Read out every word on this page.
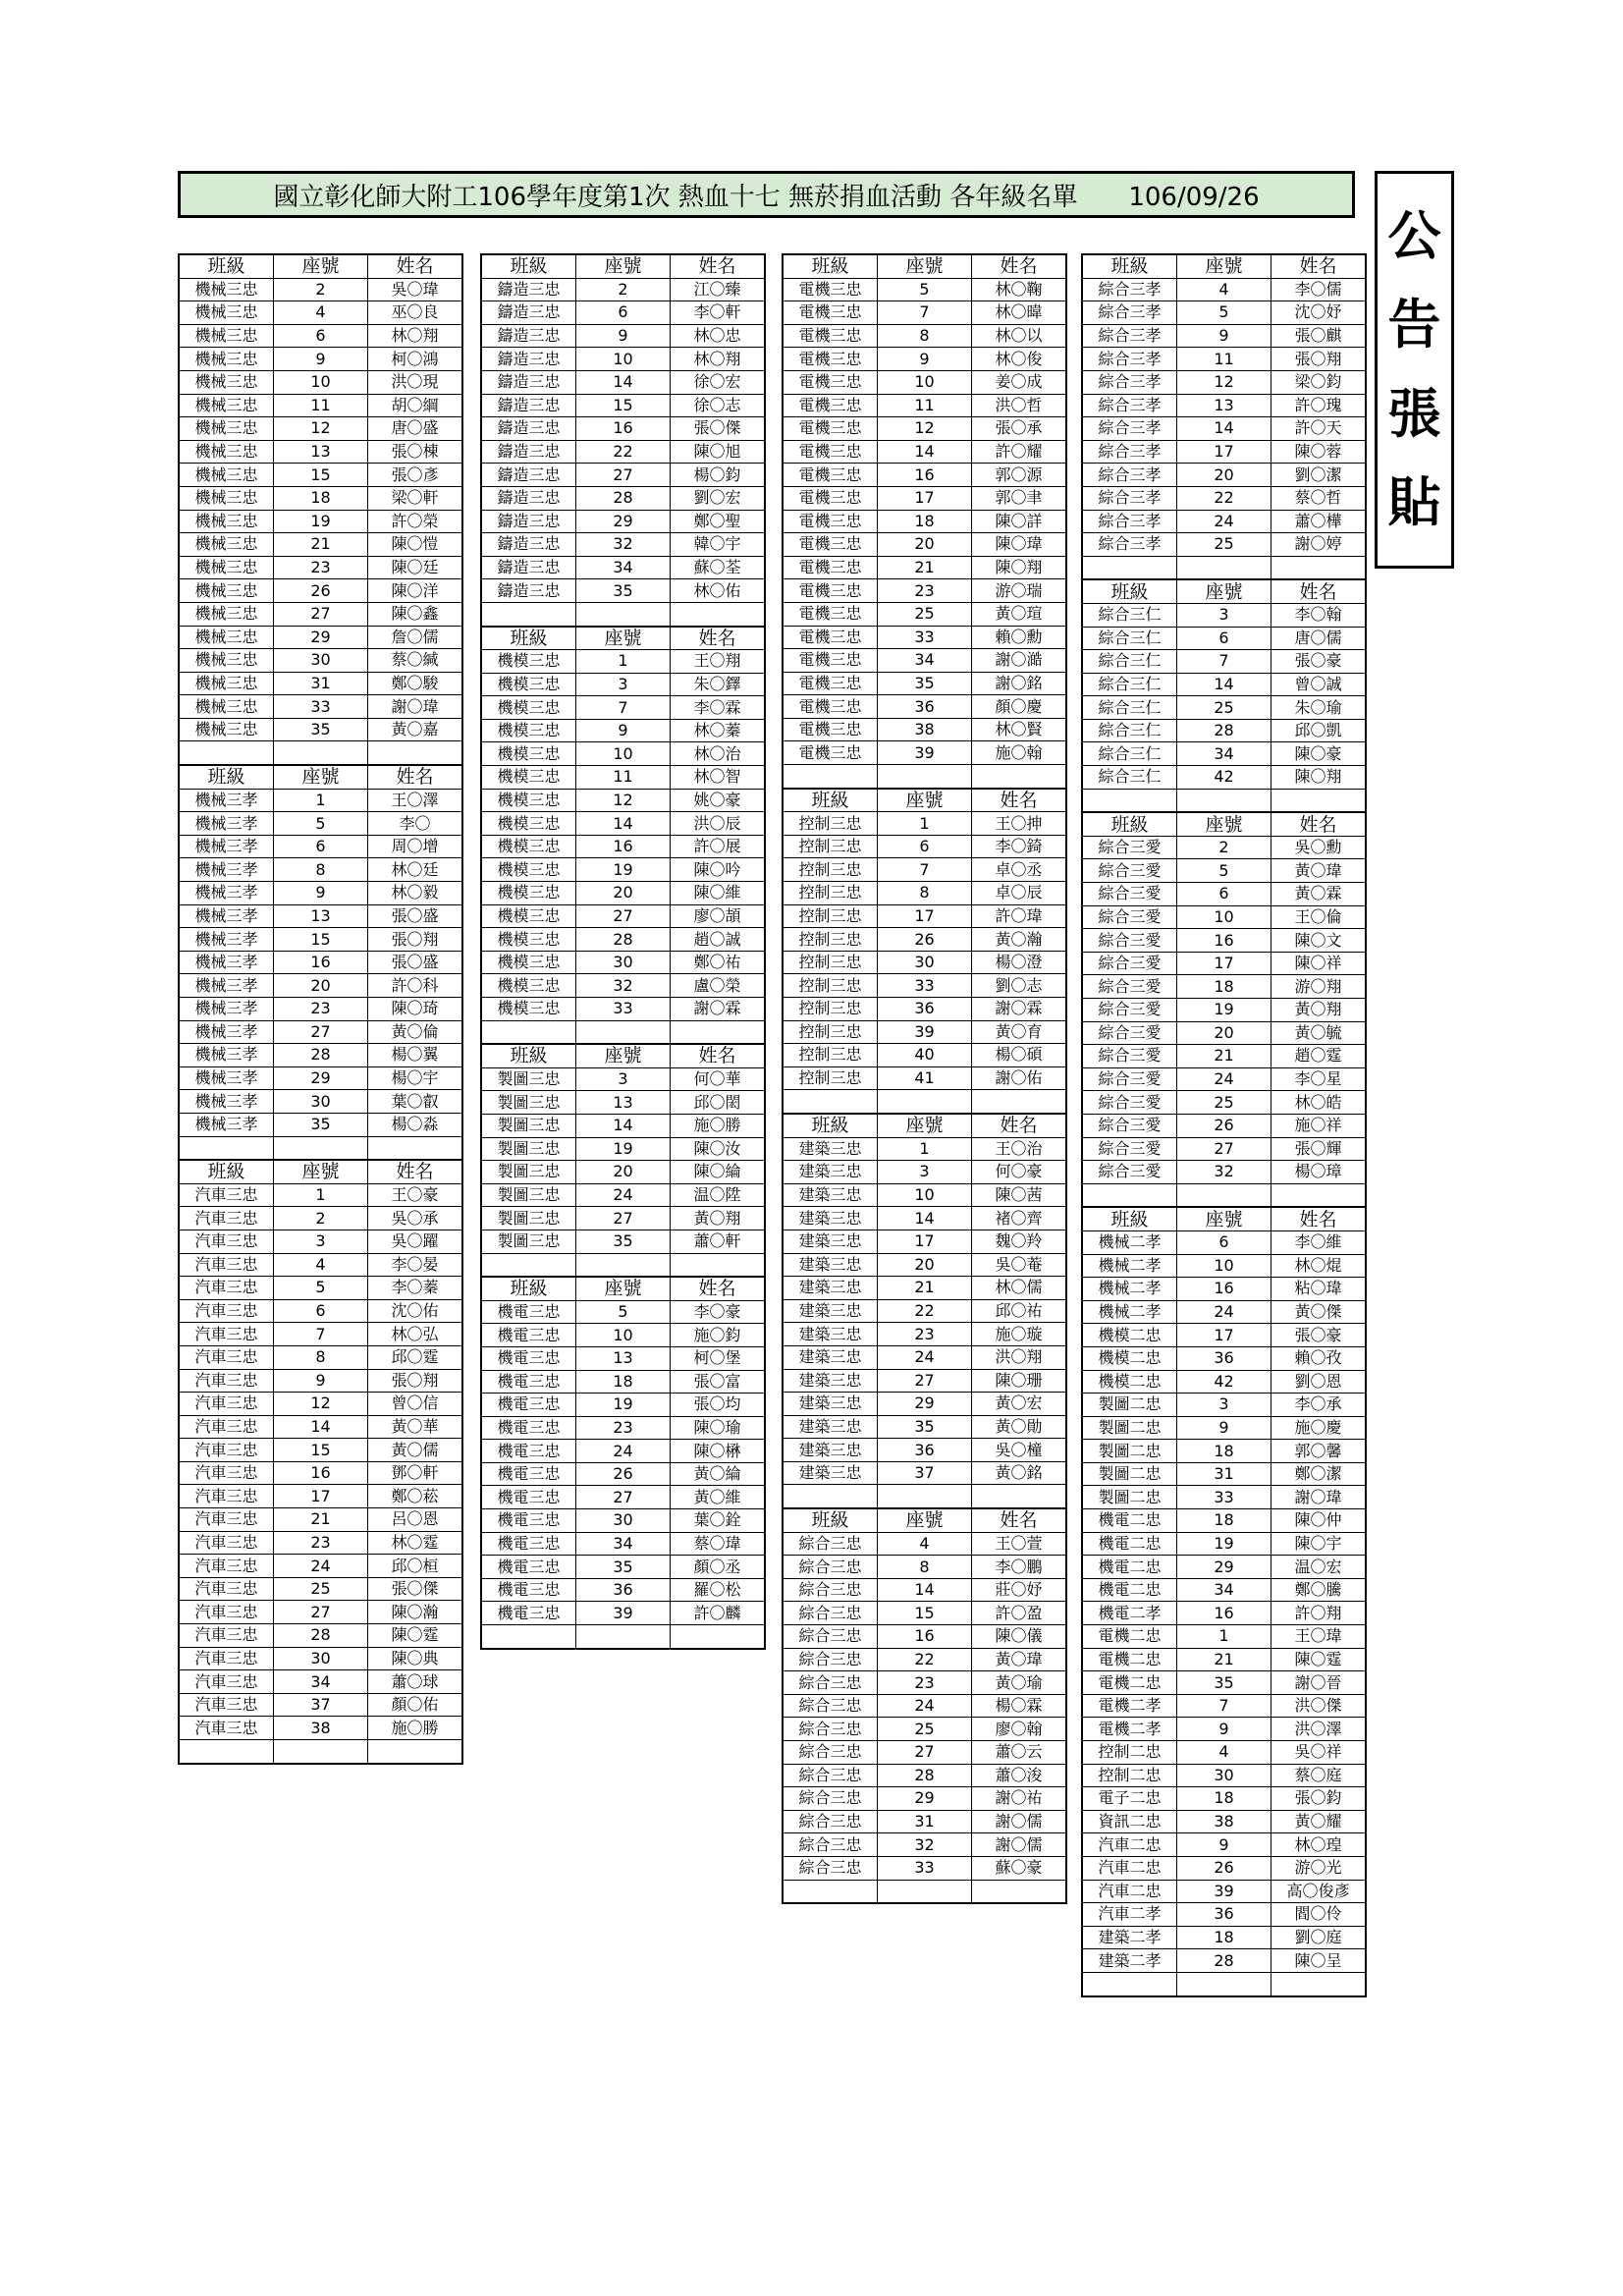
國立彰化師大附工106學年度第1次 熱血十七 無菸捐血活動 各年級名單　　106/09/26
公
告
張
貼
班級	座號	姓名
機械三忠	2	吳〇瑋
機械三忠	4	巫〇良
機械三忠	6	林〇翔
機械三忠	9	柯〇鴻
機械三忠	10	洪〇現
機械三忠	11	胡〇綱
機械三忠	12	唐〇盛
機械三忠	13	張〇棟
機械三忠	15	張〇彥
機械三忠	18	梁〇軒
機械三忠	19	許〇榮
機械三忠	21	陳〇愷
機械三忠	23	陳〇廷
機械三忠	26	陳〇洋
機械三忠	27	陳〇鑫
機械三忠	29	詹〇儒
機械三忠	30	蔡〇緘
機械三忠	31	鄭〇駿
機械三忠	33	謝〇瑋
機械三忠	35	黃〇嘉

班級	座號	姓名
機械三孝	1	王〇澤
機械三孝	5	李〇
機械三孝	6	周〇增
機械三孝	8	林〇廷
機械三孝	9	林〇毅
機械三孝	13	張〇盛
機械三孝	15	張〇翔
機械三孝	16	張〇盛
機械三孝	20	許〇科
機械三孝	23	陳〇琦
機械三孝	27	黃〇倫
機械三孝	28	楊〇翼
機械三孝	29	楊〇宇
機械三孝	30	葉〇叡
機械三孝	35	楊〇淼

班級	座號	姓名
汽車三忠	1	王〇豪
汽車三忠	2	吳〇承
汽車三忠	3	吳〇躍
汽車三忠	4	李〇晏
汽車三忠	5	李〇蓁
汽車三忠	6	沈〇佑
汽車三忠	7	林〇弘
汽車三忠	8	邱〇霆
汽車三忠	9	張〇翔
汽車三忠	12	曾〇信
汽車三忠	14	黃〇華
汽車三忠	15	黃〇儒
汽車三忠	16	鄧〇軒
汽車三忠	17	鄭〇菘
汽車三忠	21	呂〇恩
汽車三忠	23	林〇霆
汽車三忠	24	邱〇桓
汽車三忠	25	張〇傑
汽車三忠	27	陳〇瀚
汽車三忠	28	陳〇霆
汽車三忠	30	陳〇典
汽車三忠	34	蕭〇球
汽車三忠	37	顏〇佑
汽車三忠	38	施〇勝

班級	座號	姓名
鑄造三忠	2	江〇臻
鑄造三忠	6	李〇軒
鑄造三忠	9	林〇忠
鑄造三忠	10	林〇翔
鑄造三忠	14	徐〇宏
鑄造三忠	15	徐〇志
鑄造三忠	16	張〇傑
鑄造三忠	22	陳〇旭
鑄造三忠	27	楊〇鈞
鑄造三忠	28	劉〇宏
鑄造三忠	29	鄭〇聖
鑄造三忠	32	韓〇宇
鑄造三忠	34	蘇〇荃
鑄造三忠	35	林〇佑

班級	座號	姓名
機模三忠	1	王〇翔
機模三忠	3	朱〇鐸
機模三忠	7	李〇霖
機模三忠	9	林〇蓁
機模三忠	10	林〇治
機模三忠	11	林〇智
機模三忠	12	姚〇豪
機模三忠	14	洪〇辰
機模三忠	16	許〇展
機模三忠	19	陳〇吟
機模三忠	20	陳〇維
機模三忠	27	廖〇頡
機模三忠	28	趙〇誠
機模三忠	30	鄭〇祐
機模三忠	32	盧〇榮
機模三忠	33	謝〇霖

班級	座號	姓名
製圖三忠	3	何〇華
製圖三忠	13	邱〇閎
製圖三忠	14	施〇勝
製圖三忠	19	陳〇汝
製圖三忠	20	陳〇綸
製圖三忠	24	温〇陞
製圖三忠	27	黃〇翔
製圖三忠	35	蕭〇軒

班級	座號	姓名
機電三忠	5	李〇豪
機電三忠	10	施〇鈞
機電三忠	13	柯〇堡
機電三忠	18	張〇富
機電三忠	19	張〇均
機電三忠	23	陳〇瑜
機電三忠	24	陳〇楙
機電三忠	26	黃〇綸
機電三忠	27	黃〇維
機電三忠	30	葉〇銓
機電三忠	34	蔡〇瑋
機電三忠	35	顏〇丞
機電三忠	36	羅〇松
機電三忠	39	許〇麟

班級	座號	姓名
電機三忠	5	林〇鞠
電機三忠	7	林〇暐
電機三忠	8	林〇以
電機三忠	9	林〇俊
電機三忠	10	姜〇成
電機三忠	11	洪〇哲
電機三忠	12	張〇承
電機三忠	14	許〇耀
電機三忠	16	郭〇源
電機三忠	17	郭〇聿
電機三忠	18	陳〇詳
電機三忠	20	陳〇瑋
電機三忠	21	陳〇翔
電機三忠	23	游〇瑞
電機三忠	25	黃〇瑄
電機三忠	33	賴〇勳
電機三忠	34	謝〇澔
電機三忠	35	謝〇銘
電機三忠	36	顏〇慶
電機三忠	38	林〇賢
電機三忠	39	施〇翰

班級	座號	姓名
控制三忠	1	王〇抻
控制三忠	6	李〇錡
控制三忠	7	卓〇丞
控制三忠	8	卓〇辰
控制三忠	17	許〇瑋
控制三忠	26	黃〇瀚
控制三忠	30	楊〇澄
控制三忠	33	劉〇志
控制三忠	36	謝〇霖
控制三忠	39	黃〇育
控制三忠	40	楊〇碩
控制三忠	41	謝〇佑

班級	座號	姓名
建築三忠	1	王〇治
建築三忠	3	何〇豪
建築三忠	10	陳〇茜
建築三忠	14	褚〇齊
建築三忠	17	魏〇羚
建築三忠	20	吳〇菴
建築三忠	21	林〇儒
建築三忠	22	邱〇祐
建築三忠	23	施〇璇
建築三忠	24	洪〇翔
建築三忠	27	陳〇珊
建築三忠	29	黃〇宏
建築三忠	35	黃〇勛
建築三忠	36	吳〇橦
建築三忠	37	黃〇銘

班級	座號	姓名
綜合三忠	4	王〇萱
綜合三忠	8	李〇鵬
綜合三忠	14	莊〇妤
綜合三忠	15	許〇盈
綜合三忠	16	陳〇儀
綜合三忠	22	黃〇瑋
綜合三忠	23	黃〇瑜
綜合三忠	24	楊〇霖
綜合三忠	25	廖〇翰
綜合三忠	27	蕭〇云
綜合三忠	28	蕭〇浚
綜合三忠	29	謝〇祐
綜合三忠	31	謝〇儒
綜合三忠	32	謝〇儒
綜合三忠	33	蘇〇豪

班級	座號	姓名
綜合三孝	4	李〇儒
綜合三孝	5	沈〇妤
綜合三孝	9	張〇麒
綜合三孝	11	張〇翔
綜合三孝	12	梁〇鈞
綜合三孝	13	許〇瑰
綜合三孝	14	許〇天
綜合三孝	17	陳〇蓉
綜合三孝	20	劉〇潔
綜合三孝	22	蔡〇哲
綜合三孝	24	蕭〇樺
綜合三孝	25	謝〇婷

班級	座號	姓名
綜合三仁	3	李〇翰
綜合三仁	6	唐〇儒
綜合三仁	7	張〇豪
綜合三仁	14	曾〇誠
綜合三仁	25	朱〇瑜
綜合三仁	28	邱〇凱
綜合三仁	34	陳〇豪
綜合三仁	42	陳〇翔

班級	座號	姓名
綜合三愛	2	吳〇勳
綜合三愛	5	黃〇瑋
綜合三愛	6	黃〇霖
綜合三愛	10	王〇倫
綜合三愛	16	陳〇文
綜合三愛	17	陳〇祥
綜合三愛	18	游〇翔
綜合三愛	19	黃〇翔
綜合三愛	20	黃〇毓
綜合三愛	21	趙〇霆
綜合三愛	24	李〇星
綜合三愛	25	林〇皓
綜合三愛	26	施〇祥
綜合三愛	27	張〇輝
綜合三愛	32	楊〇璋

班級	座號	姓名
機械二孝	6	李〇維
機械二孝	10	林〇焜
機械二孝	16	粘〇瑋
機械二孝	24	黃〇傑
機模二忠	17	張〇豪
機模二忠	36	賴〇孜
機模二忠	42	劉〇恩
製圖二忠	3	李〇承
製圖二忠	9	施〇慶
製圖二忠	18	郭〇馨
製圖二忠	31	鄭〇潔
製圖二忠	33	謝〇瑋
機電二忠	18	陳〇仲
機電二忠	19	陳〇宇
機電二忠	29	温〇宏
機電二忠	34	鄭〇騰
機電二孝	16	許〇翔
電機二忠	1	王〇瑋
電機二忠	21	陳〇霆
電機二忠	35	謝〇晉
電機二孝	7	洪〇傑
電機二孝	9	洪〇澤
控制二忠	4	吳〇祥
控制二忠	30	蔡〇庭
電子二忠	18	張〇鈞
資訊二忠	38	黃〇耀
汽車二忠	9	林〇瑝
汽車二忠	26	游〇光
汽車二忠	39	高〇俊彥
汽車二孝	36	閻〇伶
建築二孝	18	劉〇庭
建築二孝	28	陳〇呈
